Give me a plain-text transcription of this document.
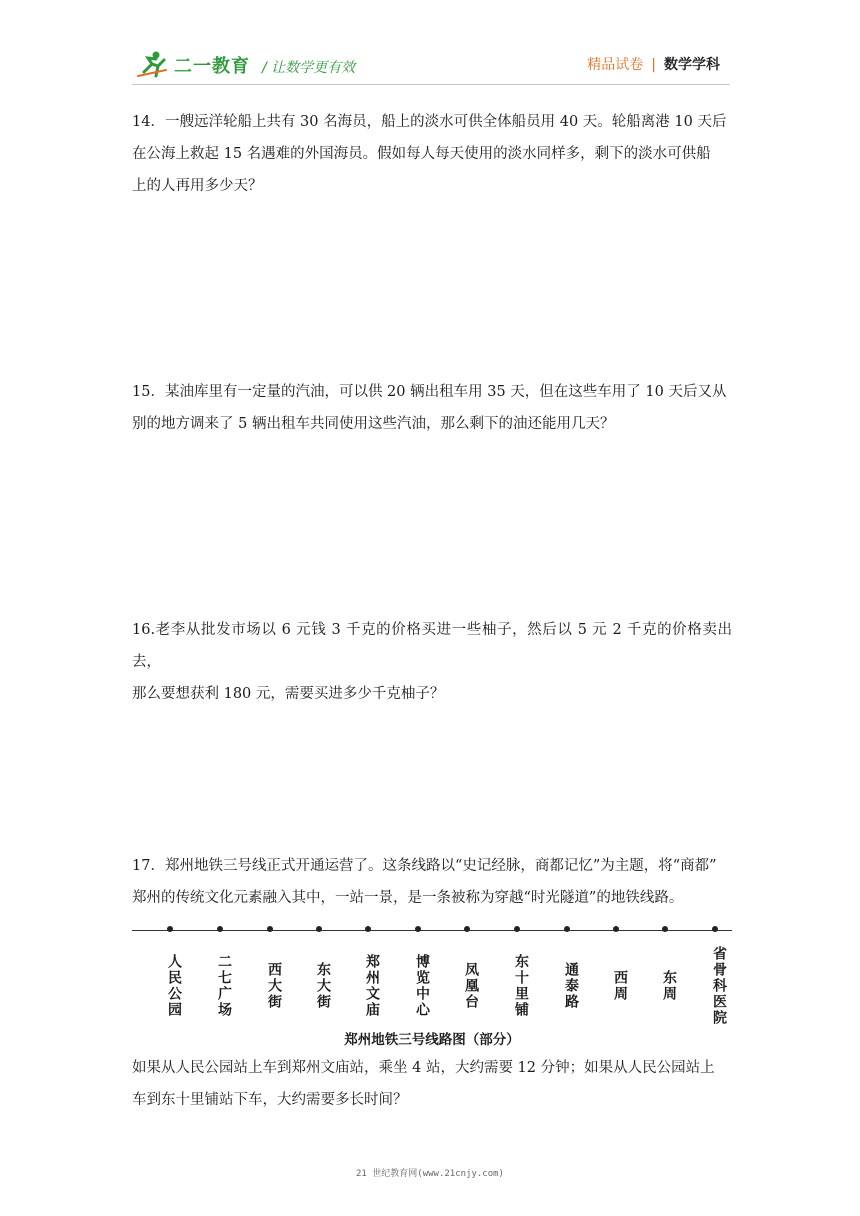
二一教育 / 让数学更有效	精品试卷 | 数学学科

14．一艘远洋轮船上共有 30 名海员，船上的淡水可供全体船员用 40 天。轮船离港 10 天后

在公海上救起 15 名遇难的外国海员。假如每人每天使用的淡水同样多，剩下的淡水可供船

上的人再用多少天？

15．某油库里有一定量的汽油，可以供 20 辆出租车用 35 天，但在这些车用了 10 天后又从

别的地方调来了 5 辆出租车共同使用这些汽油，那么剩下的油还能用几天？

16.老李从批发市场以 6 元钱 3 千克的价格买进一些柚子，然后以 5 元 2 千克的价格卖出去，

那么要想获利 180 元，需要买进多少千克柚子？

17．郑州地铁三号线正式开通运营了。这条线路以“史记经脉，商都记忆”为主题，将“商都”

郑州的传统文化元素融入其中，一站一景，是一条被称为穿越“时光隧道”的地铁线路。

人民公园	二七广场	西大街	东大街	郑州文庙	博览中心	凤凰台	东十里铺	通泰路	西周	东周	省骨科医院
郑州地铁三号线路图（部分）

如果从人民公园站上车到郑州文庙站，乘坐 4 站，大约需要 12 分钟；如果从人民公园站上

车到东十里铺站下车，大约需要多长时间？

21 世纪教育网(www.21cnjy.com)
